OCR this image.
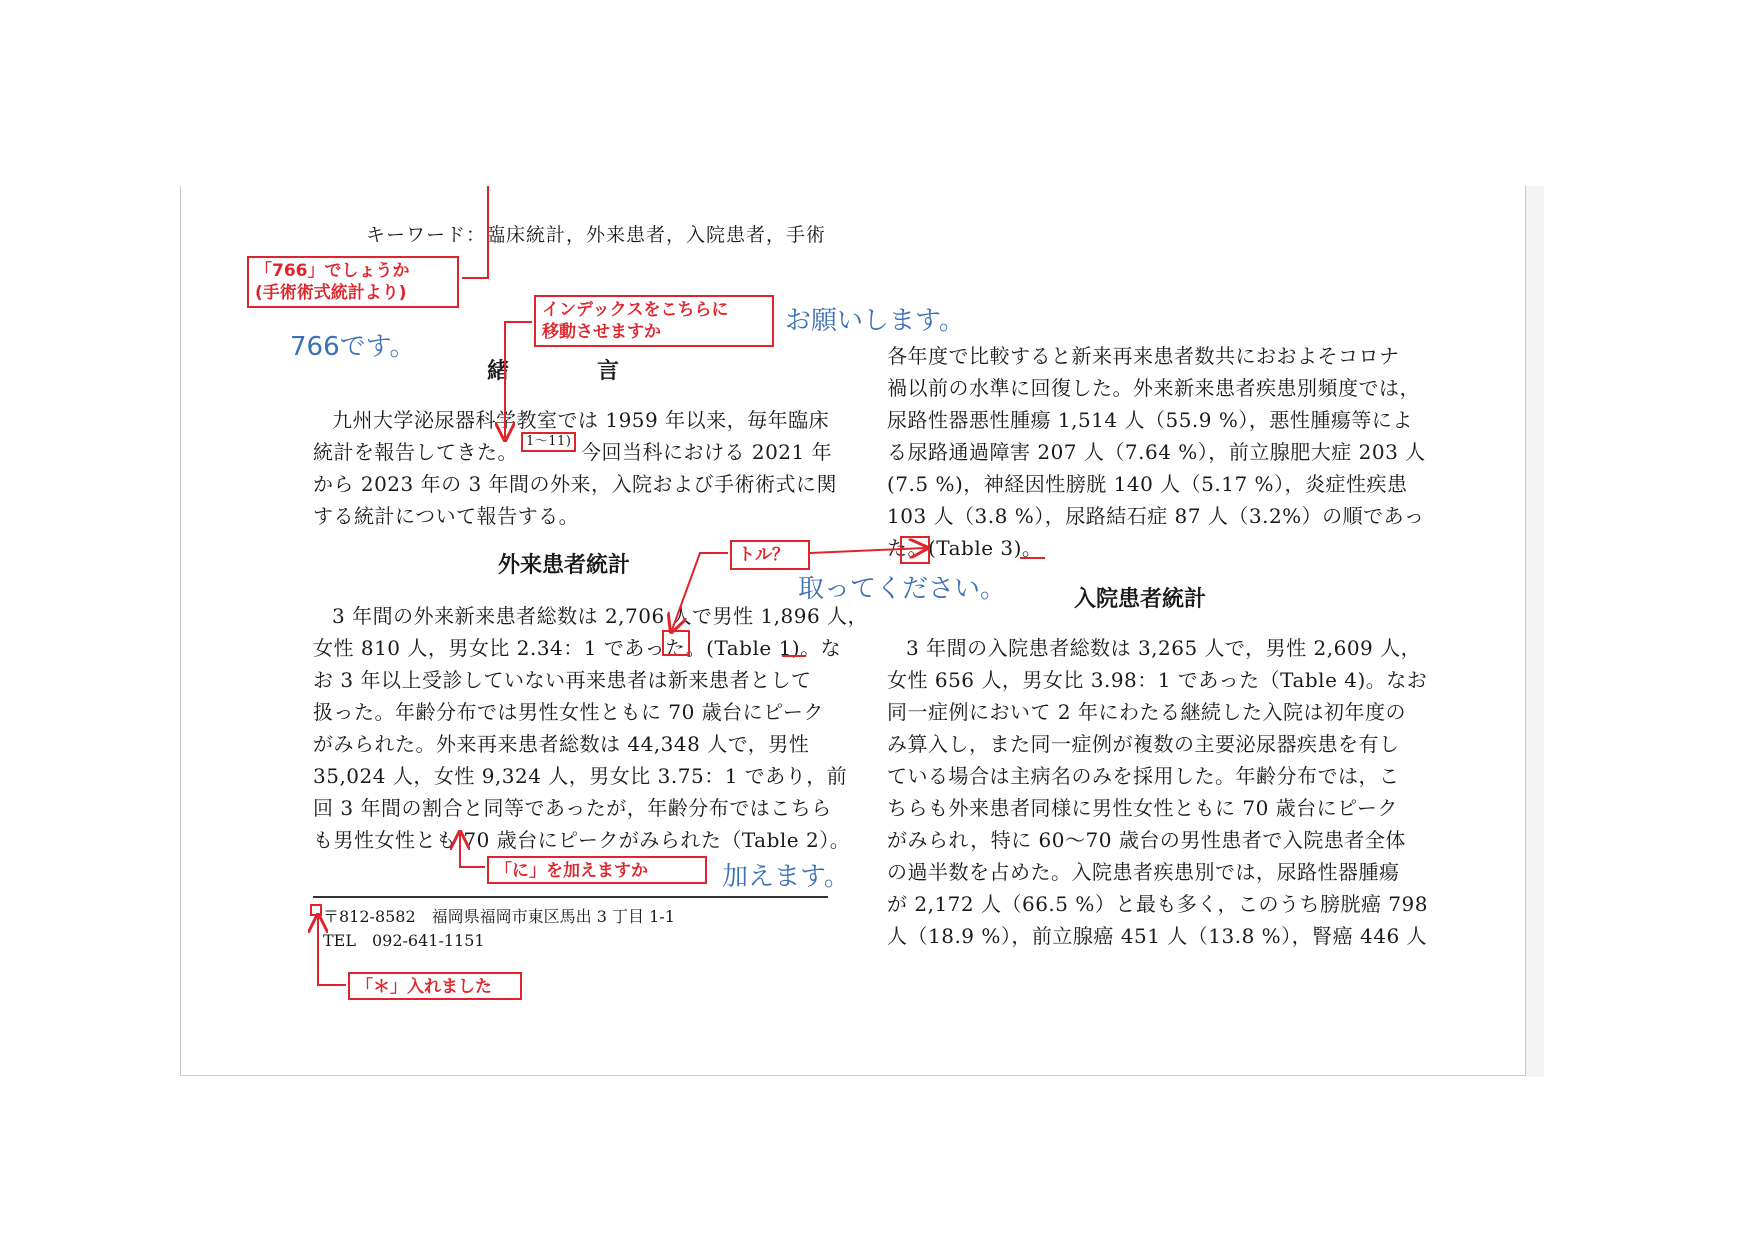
キーワード：臨床統計，外来患者，入院患者，手術
緒　　　　言
九州大学泌尿器科学教室では 1959 年以来，毎年臨床
統計を報告してきた。 1～11) 今回当科における 2021 年
から 2023 年の 3 年間の外来，入院および手術術式に関
する統計について報告する。
外来患者統計
3 年間の外来新来患者総数は 2,706 人で男性 1,896 人，
女性 810 人，男女比 2.34：1 であった。(Table 1)。な
お 3 年以上受診していない再来患者は新来患者として
扱った。年齢分布では男性女性ともに 70 歳台にピーク
がみられた。外来再来患者総数は 44,348 人で，男性
35,024 人，女性 9,324 人，男女比 3.75：1 であり，前
回 3 年間の割合と同等であったが，年齢分布ではこちら
も男性女性とも 70 歳台にピークがみられた（Table 2）。
〒812-8582　福岡県福岡市東区馬出 3 丁目 1-1
TEL　092-641-1151
各年度で比較すると新来再来患者数共におおよそコロナ
禍以前の水準に回復した。外来新来患者疾患別頻度では，
尿路性器悪性腫瘍 1,514 人（55.9 %），悪性腫瘍等によ
る尿路通過障害 207 人（7.64 %），前立腺肥大症 203 人
(7.5 %)，神経因性膀胱 140 人（5.17 %），炎症性疾患
103 人（3.8 %），尿路結石症 87 人（3.2%）の順であっ
た。(Table 3)。
入院患者統計
3 年間の入院患者総数は 3,265 人で，男性 2,609 人，
女性 656 人，男女比 3.98：1 であった（Table 4)。なお
同一症例において 2 年にわたる継続した入院は初年度の
み算入し，また同一症例が複数の主要泌尿器疾患を有し
ている場合は主病名のみを採用した。年齢分布では，こ
ちらも外来患者同様に男性女性ともに 70 歳台にピーク
がみられ，特に 60～70 歳台の男性患者で入院患者全体
の過半数を占めた。入院患者疾患別では，尿路性器腫瘍
が 2,172 人（66.5 %）と最も多く，このうち膀胱癌 798
人（18.9 %），前立腺癌 451 人（13.8 %），腎癌 446 人
「766」でしょうか
(手術術式統計より)
インデックスをこちらに
移動させますか
トル？
「に」を加えますか
「＊」入れました
766です。
お願いします。
取ってください。
加えます。
